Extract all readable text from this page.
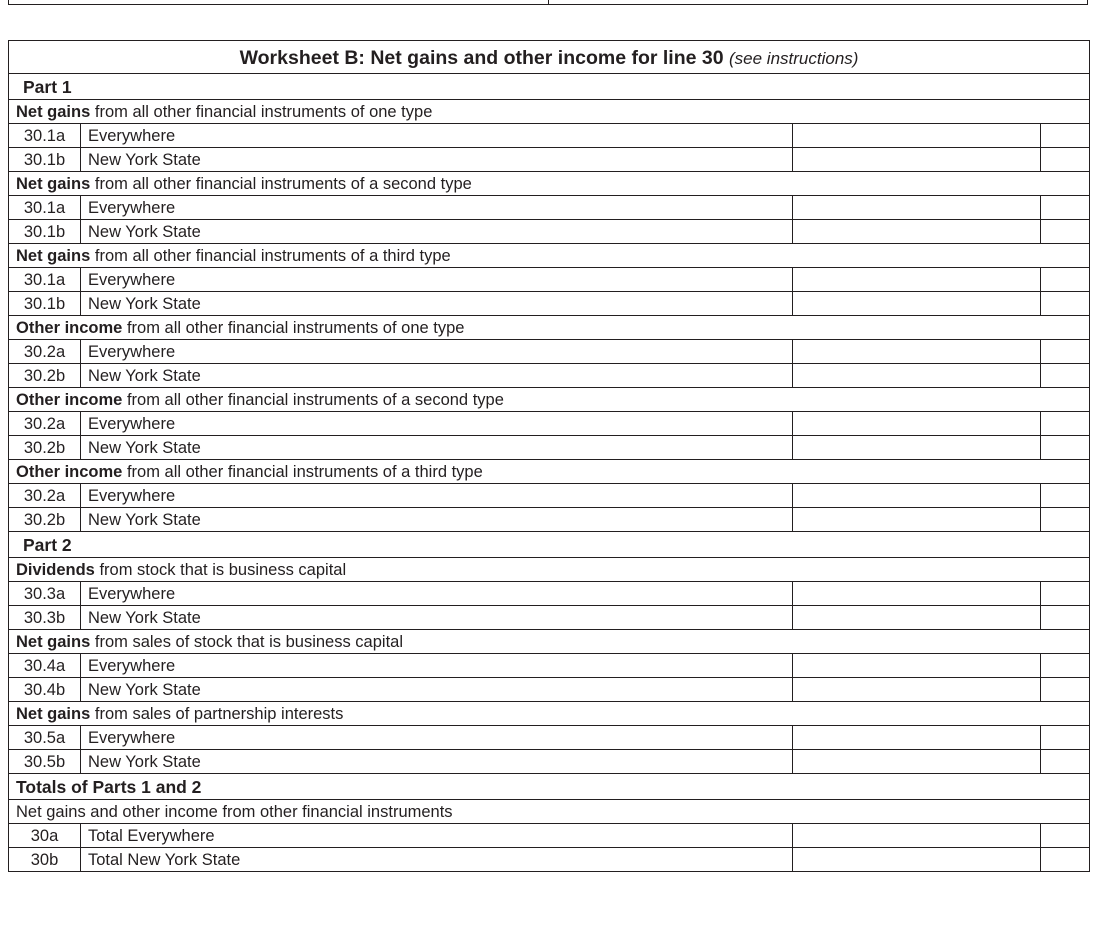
Worksheet B: Net gains and other income for line 30 (see instructions)			
Part 1			
Net gains from all other financial instruments of one type			
30.1a	Everywhere		
30.1b	New York State		
Net gains from all other financial instruments of a second type			
30.1a	Everywhere		
30.1b	New York State		
Net gains from all other financial instruments of a third type			
30.1a	Everywhere		
30.1b	New York State		
Other income from all other financial instruments of one type			
30.2a	Everywhere		
30.2b	New York State		
Other income from all other financial instruments of a second type			
30.2a	Everywhere		
30.2b	New York State		
Other income from all other financial instruments of a third type			
30.2a	Everywhere		
30.2b	New York State		
Part 2			
Dividends from stock that is business capital			
30.3a	Everywhere		
30.3b	New York State		
Net gains from sales of stock that is business capital			
30.4a	Everywhere		
30.4b	New York State		
Net gains from sales of partnership interests			
30.5a	Everywhere		
30.5b	New York State		
Totals of Parts 1 and 2			
Net gains and other income from other financial instruments			
30a	Total Everywhere		
30b	Total New York State		
